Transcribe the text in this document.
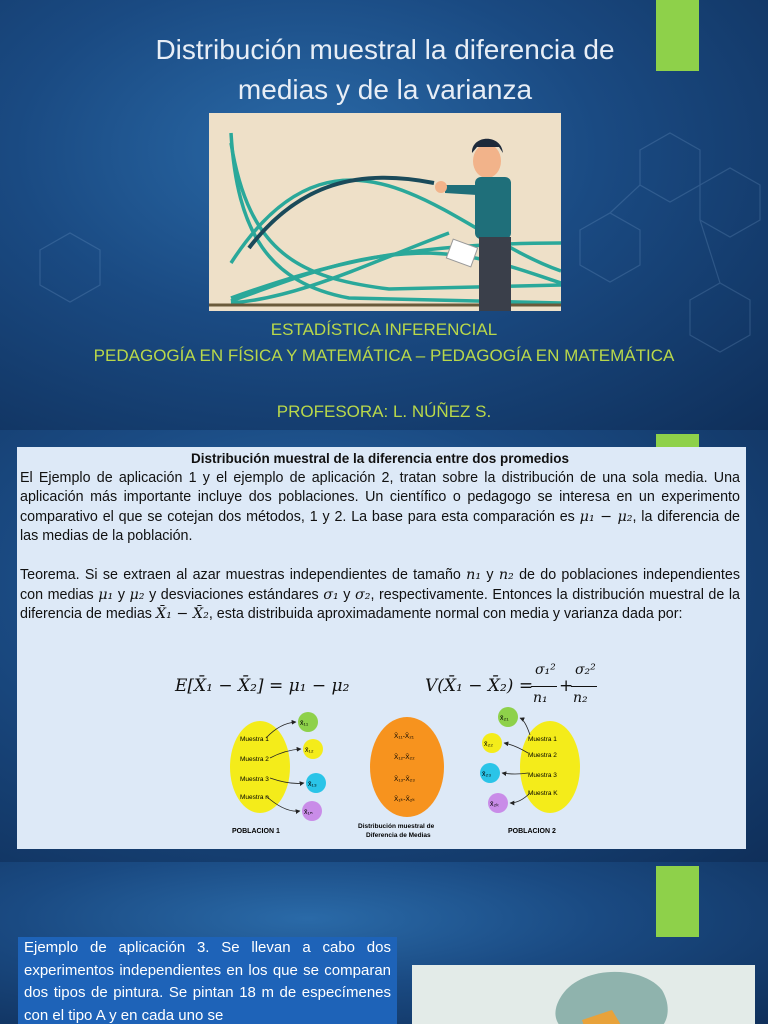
Distribución muestral la diferencia de
medias y de la varianza
ESTADÍSTICA INFERENCIAL
PEDAGOGÍA EN FÍSICA Y MATEMÁTICA – PEDAGOGÍA EN MATEMÁTICA
PROFESORA: L. NÚÑEZ S.
Distribución muestral de la diferencia entre dos promedios
El Ejemplo de aplicación 1 y el ejemplo de aplicación 2, tratan sobre la distribución de una sola media. Una aplicación más importante incluye dos poblaciones. Un científico o pedagogo se interesa en un experimento comparativo el que se cotejan dos métodos, 1 y 2. La base para esta comparación es μ₁ − μ₂, la diferencia de las medias de la población.
Teorema. Si se extraen al azar muestras independientes de tamaño n₁ y n₂ de do poblaciones independientes con medias μ₁ y μ₂ y desviaciones estándares σ₁ y σ₂, respectivamente. Entonces la distribución muestral de la diferencia de medias X̄₁ − X̄₂, esta distribuida aproximadamente normal con media y varianza dada por:
E[X̄₁ − X̄₂] = μ₁ − μ₂	V(X̄₁ − X̄₂) =
σ₁²
n₁
+
σ₂²
n₂
Muestra 1
Muestra 2
Muestra 3
Muestra n
x̄₁₁
x̄₁₂
x̄₁₃
x̄₁ₙ
POBLACION 1
X̄₁₁-X̄₂₁
X̄₁₂-X̄₂₂
X̄₁₃-X̄₂₃
X̄₁ₖ-X̄₂ₖ
Distribución muestral de
Diferencia de Medias
Muestra 1
Muestra 2
Muestra 3
Muestra K
x̄₂₁
x̄₂₂
x̄₂₃
x̄₂ₖ
POBLACION 2
Ejemplo de aplicación 3. Se llevan a cabo dos experimentos independientes en los que se comparan dos tipos de pintura. Se pintan 18 m de especímenes con el tipo A y en cada uno se
